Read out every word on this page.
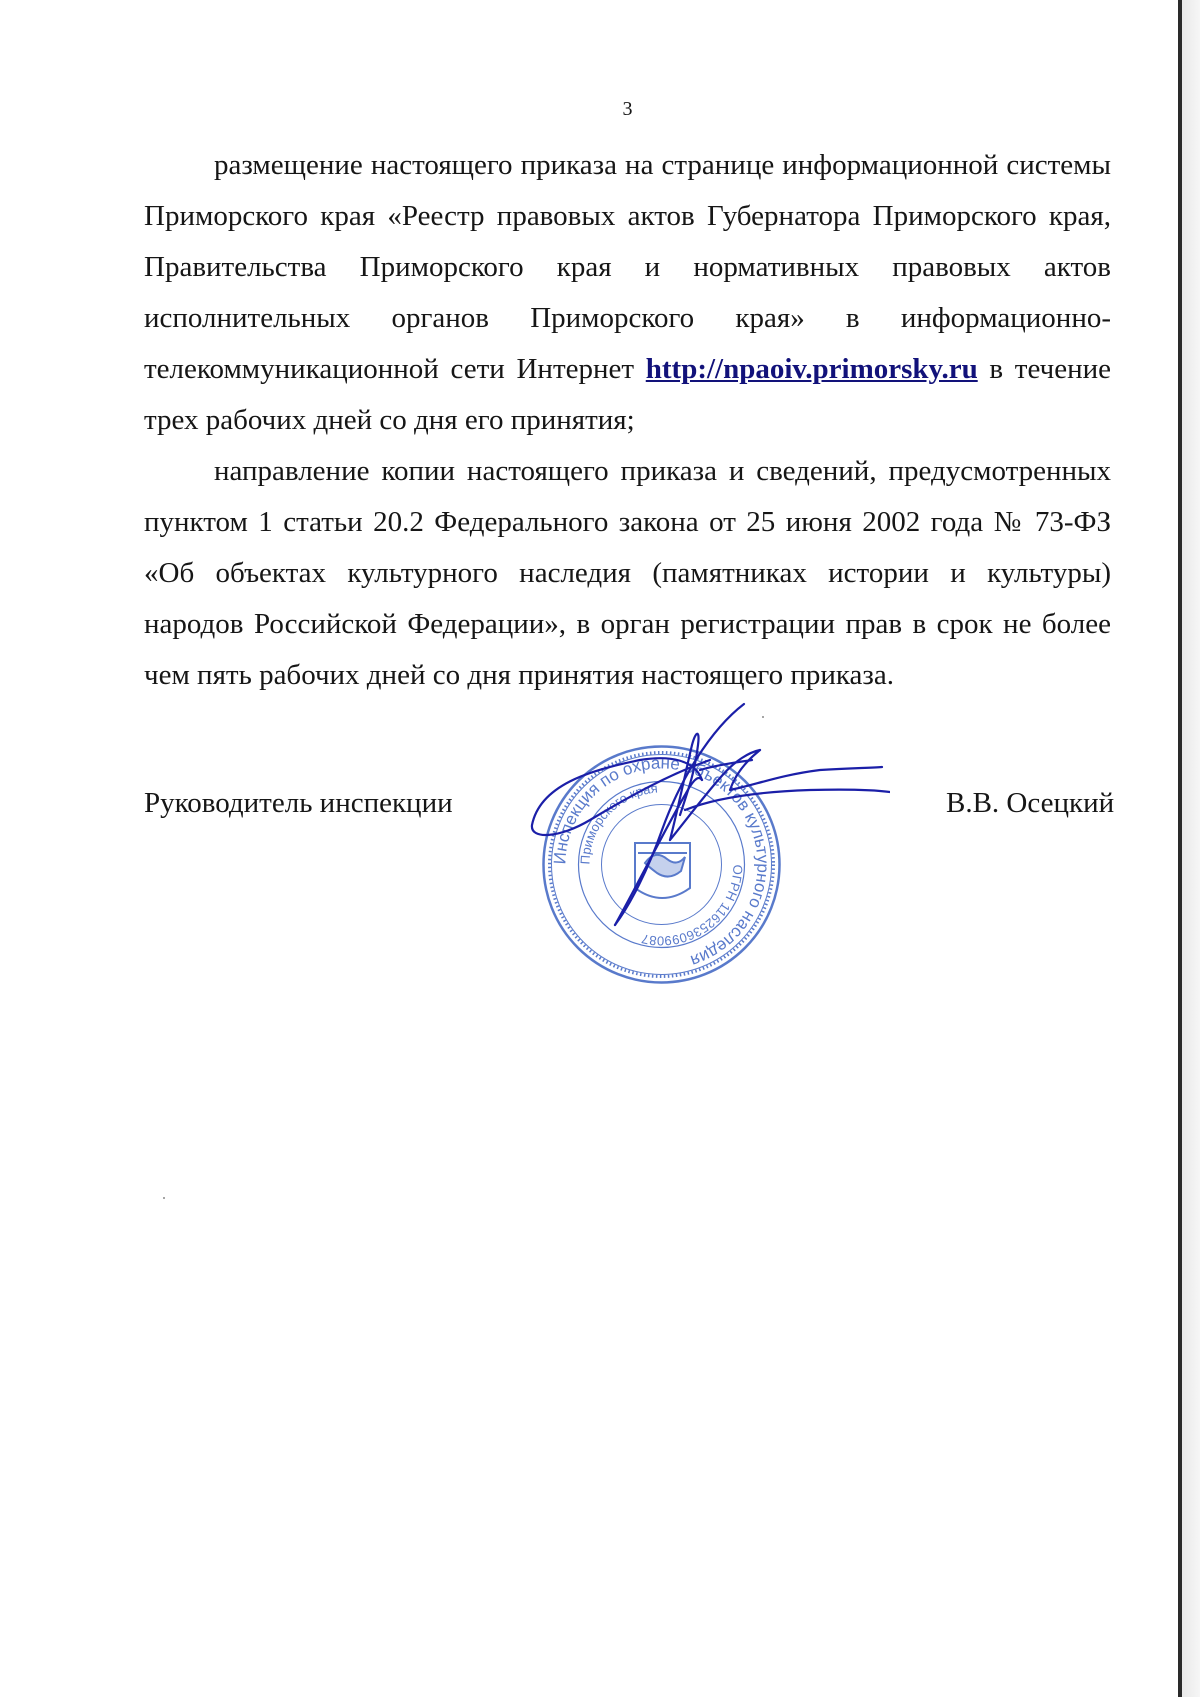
3

размещение настоящего приказа на странице информационной системы Приморского края «Реестр правовых актов Губернатора Приморского края, Правительства Приморского края и нормативных правовых актов исполнительных органов Приморского края» в информационно-телекоммуникационной сети Интернет http://npaoiv.primorsky.ru в течение трех рабочих дней со дня его принятия;

направление копии настоящего приказа и сведений, предусмотренных пунктом 1 статьи 20.2 Федерального закона от 25 июня 2002 года № 73-ФЗ «Об объектах культурного наследия (памятниках истории и культуры) народов Российской Федерации», в орган регистрации прав в срок не более чем пять рабочих дней со дня принятия настоящего приказа.

Руководитель инспекции	В.В. Осецкий
Инспекция по охране объектов культурного наследия
Приморского края
ОГРН 1162536099087
